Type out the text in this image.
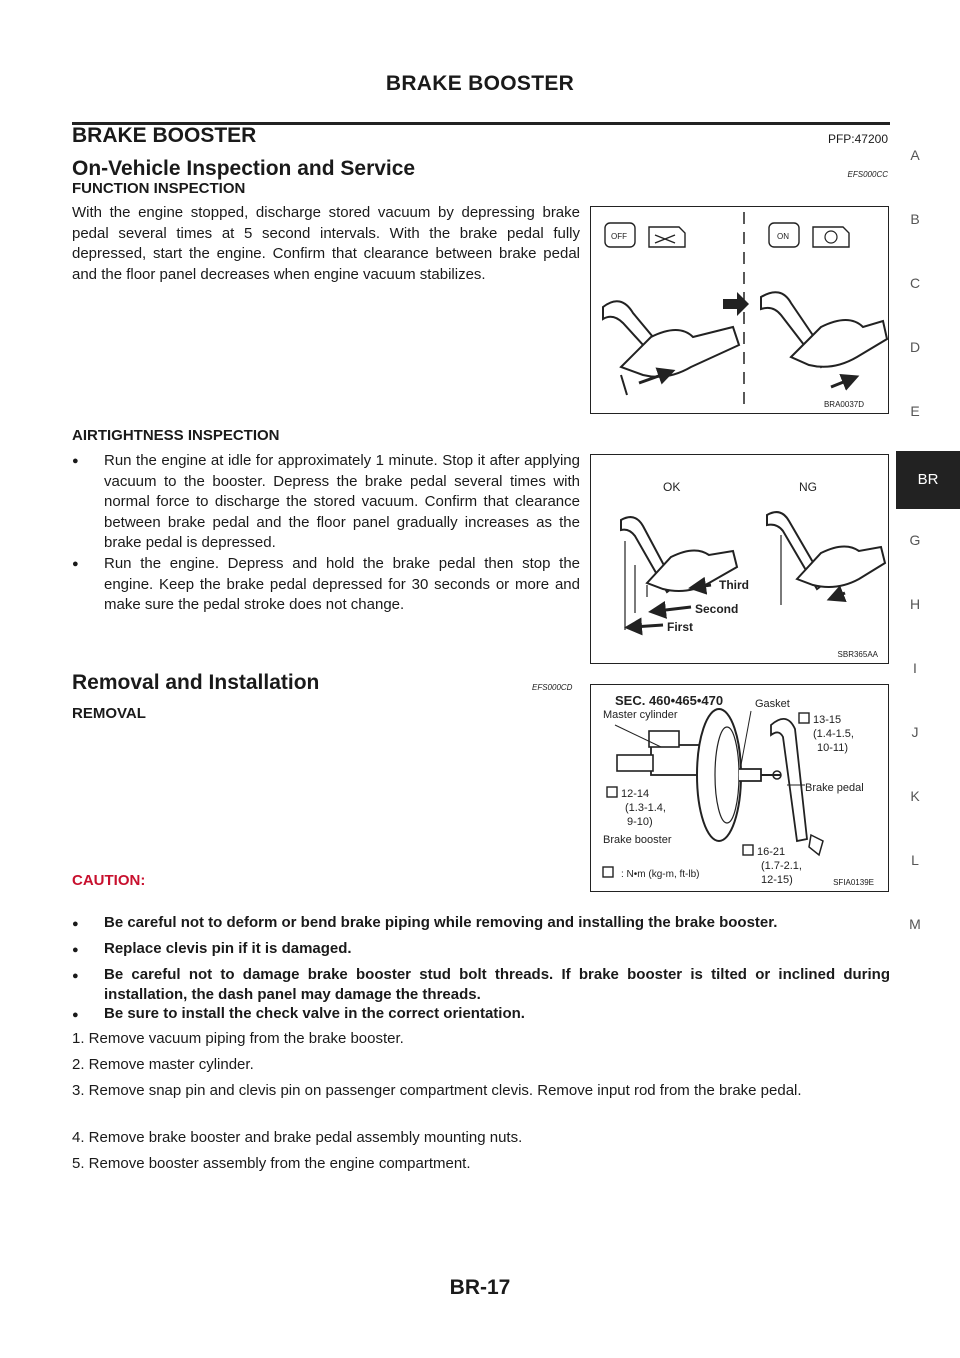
BRAKE BOOSTER
BRAKE BOOSTER	PFP:47200
On-Vehicle Inspection and Service	EFS000CC
FUNCTION INSPECTION
With the engine stopped, discharge stored vacuum by depressing brake pedal several times at 5 second intervals. With the brake pedal fully depressed, start the engine. Confirm that clearance between brake pedal and the floor panel decreases when engine vacuum stabilizes.
OFF	ON
BRA0037D
AIRTIGHTNESS INSPECTION
● Run the engine at idle for approximately 1 minute. Stop it after applying vacuum to the booster. Depress the brake pedal several times with normal force to discharge the stored vacuum. Confirm that clearance between brake pedal and the floor panel gradually increases as the brake pedal is depressed.
● Run the engine. Depress and hold the brake pedal then stop the engine. Keep the brake pedal depressed for 30 seconds or more and make sure the pedal stroke does not change.
OK	NG
Third
Second
First
SBR365AA
Removal and Installation	EFS000CD
REMOVAL
SEC. 460•465•470
Master cylinder
Gasket
13-15
(1.4-1.5,
10-11)
Brake pedal
12-14
(1.3-1.4,
9-10)
Brake booster
16-21
(1.7-2.1,
12-15)
: N•m (kg-m, ft-lb)
SFIA0139E
CAUTION:
● Be careful not to deform or bend brake piping while removing and installing the brake booster.
● Replace clevis pin if it is damaged.
● Be careful not to damage brake booster stud bolt threads. If brake booster is tilted or inclined during installation, the dash panel may damage the threads.
● Be sure to install the check valve in the correct orientation.
1. Remove vacuum piping from the brake booster.
2. Remove master cylinder.
3. Remove snap pin and clevis pin on passenger compartment clevis. Remove input rod from the brake pedal.
4. Remove brake booster and brake pedal assembly mounting nuts.
5. Remove booster assembly from the engine compartment.
A
B
C
D
E
BR
G
H
I
J
K
L
M
BR-17
